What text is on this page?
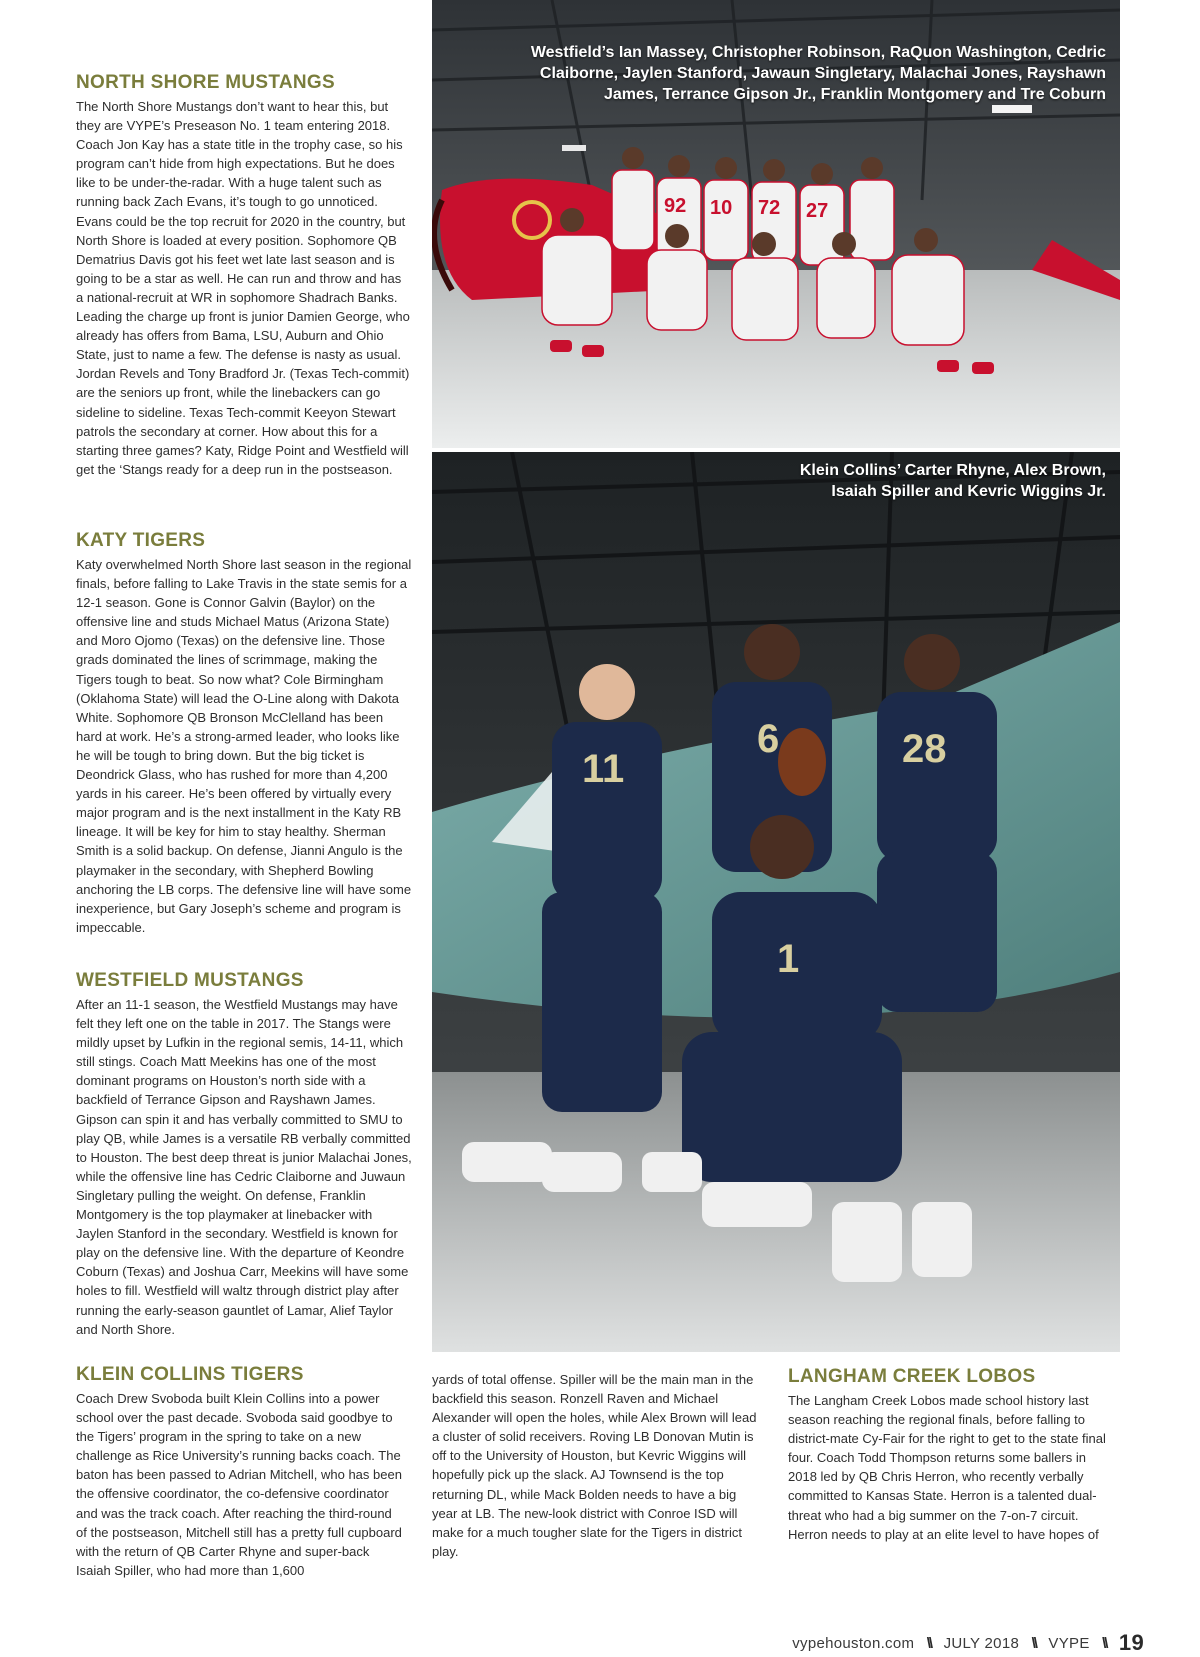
NORTH SHORE MUSTANGS

The North Shore Mustangs don’t want to hear this, but they are VYPE’s Preseason No. 1 team entering 2018. Coach Jon Kay has a state title in the trophy case, so his program can’t hide from high expectations. But he does like to be under-the-radar. With a huge talent such as running back Zach Evans, it’s tough to go unnoticed. Evans could be the top recruit for 2020 in the country, but North Shore is loaded at every position. Sophomore QB Dematrius Davis got his feet wet late last season and is going to be a star as well. He can run and throw and has a national-recruit at WR in sophomore Shadrach Banks. Leading the charge up front is junior Damien George, who already has offers from Bama, LSU, Auburn and Ohio State, just to name a few. The defense is nasty as usual. Jordan Revels and Tony Bradford Jr. (Texas Tech-commit) are the seniors up front, while the linebackers can go sideline to sideline. Texas Tech-commit Keeyon Stewart patrols the secondary at corner. How about this for a starting three games? Katy, Ridge Point and Westfield will get the ‘Stangs ready for a deep run in the postseason.

KATY TIGERS

Katy overwhelmed North Shore last season in the regional finals, before falling to Lake Travis in the state semis for a 12-1 season. Gone is Connor Galvin (Baylor) on the offensive line and studs Michael Matus (Arizona State) and Moro Ojomo (Texas) on the defensive line. Those grads dominated the lines of scrimmage, making the Tigers tough to beat. So now what? Cole Birmingham (Oklahoma State) will lead the O-Line along with Dakota White. Sophomore QB Bronson McClelland has been hard at work. He’s a strong-armed leader, who looks like he will be tough to bring down. But the big ticket is Deondrick Glass, who has rushed for more than 4,200 yards in his career. He’s been offered by virtually every major program and is the next installment in the Katy RB lineage. It will be key for him to stay healthy. Sherman Smith is a solid backup. On defense, Jianni Angulo is the playmaker in the secondary, with Shepherd Bowling anchoring the LB corps. The defensive line will have some inexperience, but Gary Joseph’s scheme and program is impeccable.

WESTFIELD MUSTANGS

After an 11-1 season, the Westfield Mustangs may have felt they left one on the table in 2017. The Stangs were mildly upset by Lufkin in the regional semis, 14-11, which still stings. Coach Matt Meekins has one of the most dominant programs on Houston’s north side with a backfield of Terrance Gipson and Rayshawn James. Gipson can spin it and has verbally committed to SMU to play QB, while James is a versatile RB verbally committed to Houston. The best deep threat is junior Malachai Jones, while the offensive line has Cedric Claiborne and Juwaun Singletary pulling the weight. On defense, Franklin Montgomery is the top playmaker at linebacker with Jaylen Stanford in the secondary. Westfield is known for play on the defensive line. With the departure of Keondre Coburn (Texas) and Joshua Carr, Meekins will have some holes to fill. Westfield will waltz through district play after running the early-season gauntlet of Lamar, Alief Taylor and North Shore.

KLEIN COLLINS TIGERS

Coach Drew Svoboda built Klein Collins into a power school over the past decade. Svoboda said goodbye to the Tigers’ program in the spring to take on a new challenge as Rice University’s running backs coach. The baton has been passed to Adrian Mitchell, who has been the offensive coordinator, the co-defensive coordinator and was the track coach. After reaching the third-round of the postseason, Mitchell still has a pretty full cupboard with the return of QB Carter Rhyne and super-back Isaiah Spiller, who had more than 1,600

yards of total offense. Spiller will be the main man in the backfield this season. Ronzell Raven and Michael Alexander will open the holes, while Alex Brown will lead a cluster of solid receivers. Roving LB Donovan Mutin is off to the University of Houston, but Kevric Wiggins will hopefully pick up the slack. AJ Townsend is the top returning DL, while Mack Bolden needs to have a big year at LB. The new-look district with Conroe ISD will make for a much tougher slate for the Tigers in district play.

LANGHAM CREEK LOBOS

The Langham Creek Lobos made school history last season reaching the regional finals, before falling to district-mate Cy-Fair for the right to get to the state final four. Coach Todd Thompson returns some ballers in 2018 led by QB Chris Herron, who recently verbally committed to Kansas State. Herron is a talented dual-threat who had a big summer on the 7-on-7 circuit. Herron needs to play at an elite level to have hopes of

92	72 27
10
Westfield’s Ian Massey, Christopher Robinson, RaQuon Washington, Cedric Claiborne, Jaylen Stanford, Jawaun Singletary, Malachai Jones, Rayshawn James, Terrance Gipson Jr., Franklin Montgomery and Tre Coburn
11
6	28
1
Klein Collins’ Carter Rhyne, Alex Brown, Isaiah Spiller and Kevric Wiggins Jr.
vypehouston.com \\ JULY 2018 \\ VYPE \\ 19
